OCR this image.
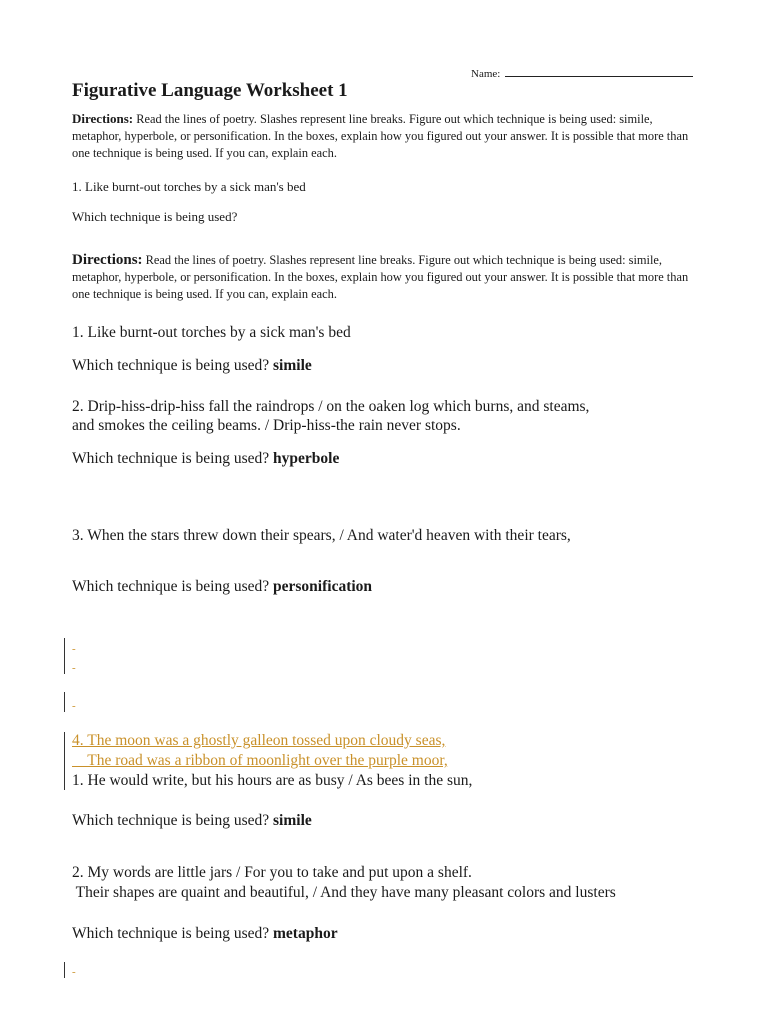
Name:
Figurative Language Worksheet 1
Directions: Read the lines of poetry. Slashes represent line breaks. Figure out which technique is being used: simile, metaphor, hyperbole, or personification. In the boxes, explain how you figured out your answer. It is possible that more than one technique is being used. If you can, explain each.
1. Like burnt-out torches by a sick man's bed
Which technique is being used?
Directions: Read the lines of poetry. Slashes represent line breaks. Figure out which technique is being used: simile, metaphor, hyperbole, or personification. In the boxes, explain how you figured out your answer. It is possible that more than one technique is being used. If you can, explain each.
1. Like burnt-out torches by a sick man's bed
Which technique is being used? simile
2. Drip-hiss-drip-hiss fall the raindrops / on the oaken log which burns, and steams,
and smokes the ceiling beams. / Drip-hiss-the rain never stops.
Which technique is being used? hyperbole
3. When the stars threw down their spears, / And water'd heaven with their tears,
Which technique is being used? personification
-
-
-
4. The moon was a ghostly galleon tossed upon cloudy seas,
The road was a ribbon of moonlight over the purple moor,
1. He would write, but his hours are as busy / As bees in the sun,
Which technique is being used? simile
2. My words are little jars / For you to take and put upon a shelf.
Their shapes are quaint and beautiful, / And they have many pleasant colors and lusters
Which technique is being used? metaphor
-
